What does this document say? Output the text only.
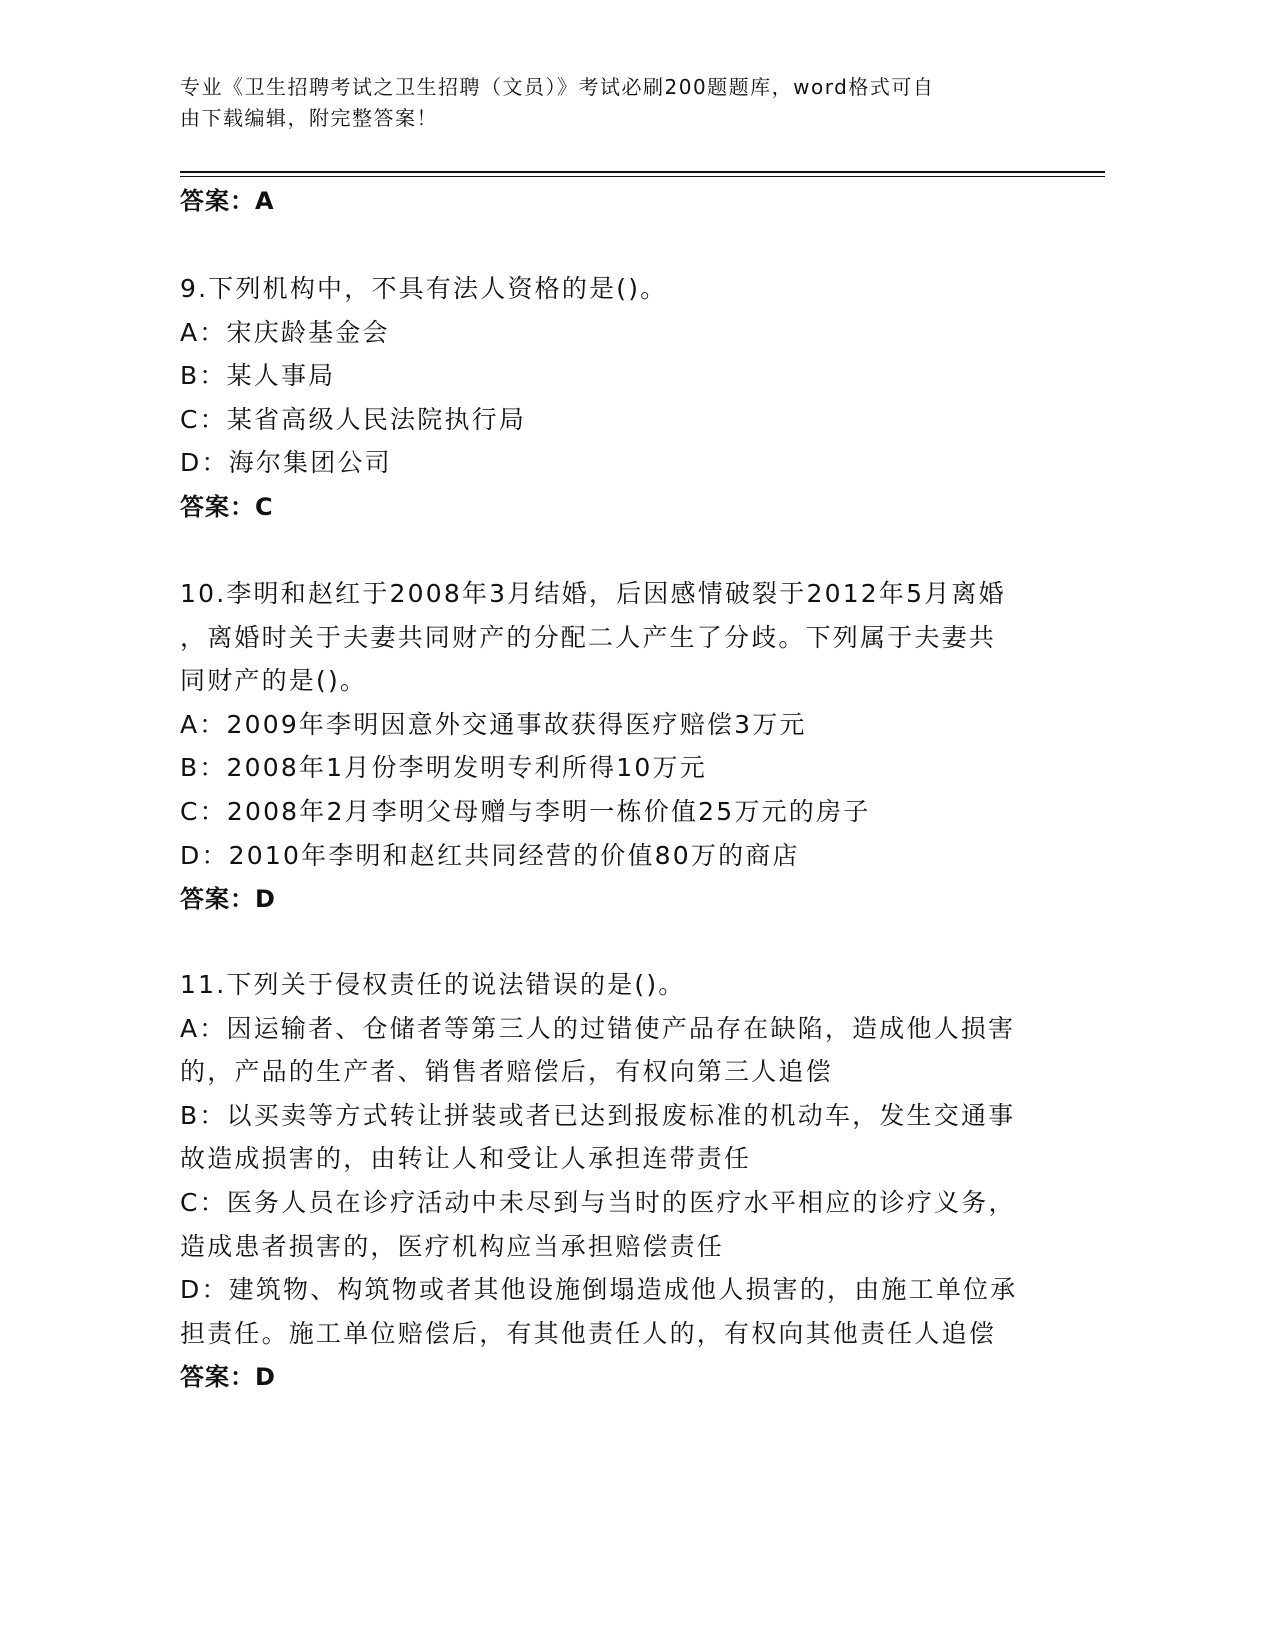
专业《卫生招聘考试之卫生招聘（文员）》考试必刷200题题库，word格式可自
由下载编辑，附完整答案！
答案：A
9.下列机构中，不具有法人资格的是()。
A：宋庆龄基金会
B：某人事局
C：某省高级人民法院执行局
D：海尔集团公司
答案：C
10.李明和赵红于2008年3月结婚，后因感情破裂于2012年5月离婚
，离婚时关于夫妻共同财产的分配二人产生了分歧。下列属于夫妻共
同财产的是()。
A：2009年李明因意外交通事故获得医疗赔偿3万元
B：2008年1月份李明发明专利所得10万元
C：2008年2月李明父母赠与李明一栋价值25万元的房子
D：2010年李明和赵红共同经营的价值80万的商店
答案：D
11.下列关于侵权责任的说法错误的是()。
A：因运输者、仓储者等第三人的过错使产品存在缺陷，造成他人损害
的，产品的生产者、销售者赔偿后，有权向第三人追偿
B：以买卖等方式转让拼装或者已达到报废标准的机动车，发生交通事
故造成损害的，由转让人和受让人承担连带责任
C：医务人员在诊疗活动中未尽到与当时的医疗水平相应的诊疗义务，
造成患者损害的，医疗机构应当承担赔偿责任
D：建筑物、构筑物或者其他设施倒塌造成他人损害的，由施工单位承
担责任。施工单位赔偿后，有其他责任人的，有权向其他责任人追偿
答案：D
